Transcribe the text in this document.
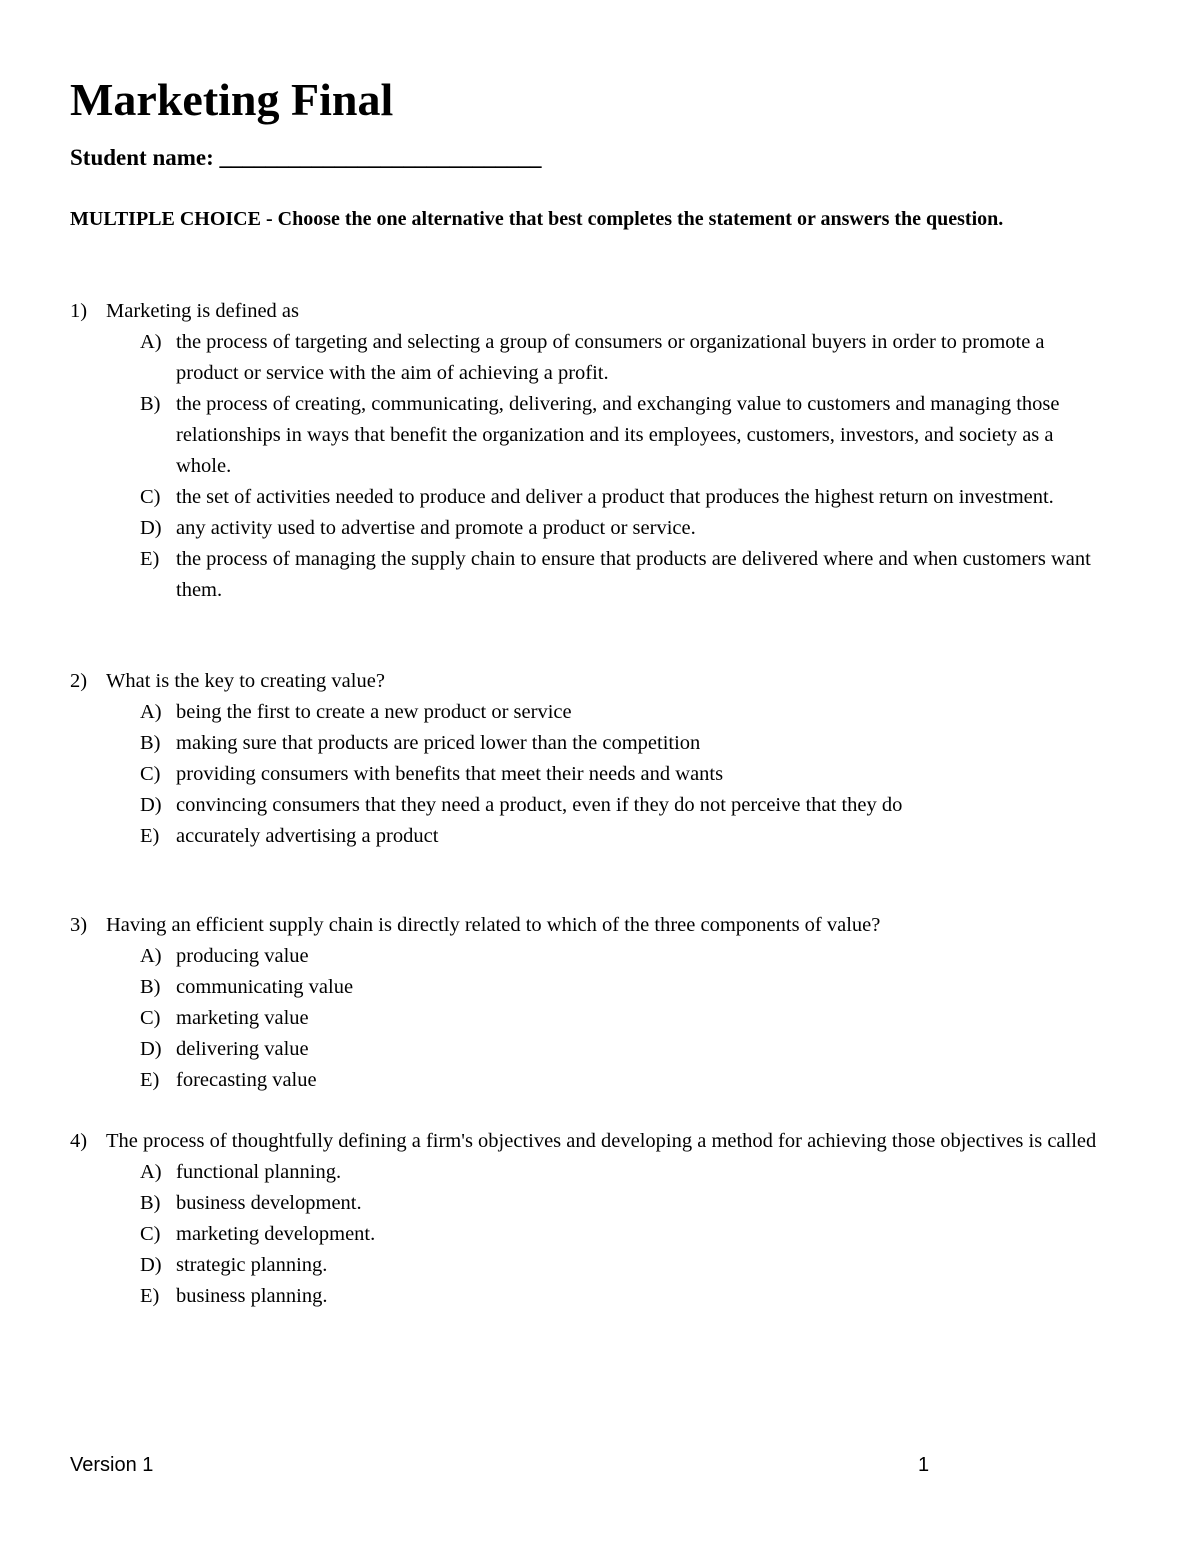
Marketing Final
Student name: ____________________________

MULTIPLE CHOICE - Choose the one alternative that best completes the statement or answers the question.

1) Marketing is defined as
A) the process of targeting and selecting a group of consumers or organizational buyers in order to promote a product or service with the aim of achieving a profit.
B) the process of creating, communicating, delivering, and exchanging value to customers and managing those relationships in ways that benefit the organization and its employees, customers, investors, and society as a whole.
C) the set of activities needed to produce and deliver a product that produces the highest return on investment.
D) any activity used to advertise and promote a product or service.
E) the process of managing the supply chain to ensure that products are delivered where and when customers want them.
2) What is the key to creating value?
A) being the first to create a new product or service
B) making sure that products are priced lower than the competition
C) providing consumers with benefits that meet their needs and wants
D) convincing consumers that they need a product, even if they do not perceive that they do
E) accurately advertising a product
3) Having an efficient supply chain is directly related to which of the three components of value?
A) producing value
B) communicating value
C) marketing value
D) delivering value
E) forecasting value
4) The process of thoughtfully defining a firm's objectives and developing a method for achieving those objectives is called
A) functional planning.
B) business development.
C) marketing development.
D) strategic planning.
E) business planning.
Version 1	1
